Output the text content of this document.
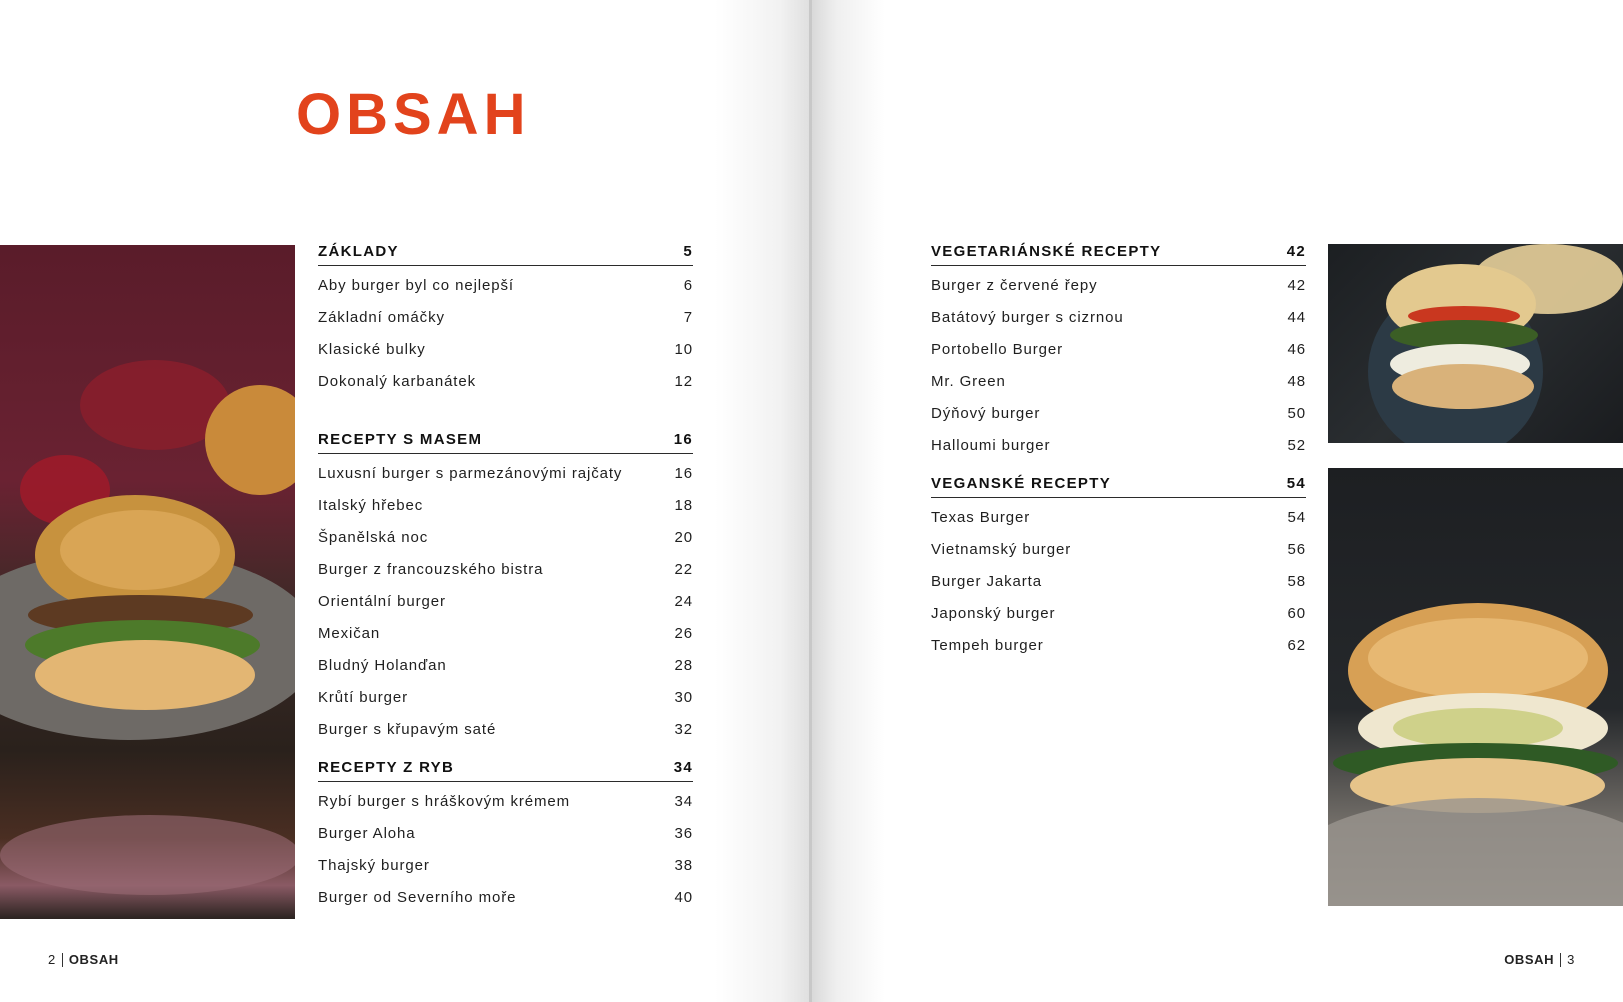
OBSAH
ZÁKLADY	5
Aby burger byl co nejlepší	6
Základní omáčky	7
Klasické bulky	10
Dokonalý karbanátek	12
RECEPTY S MASEM	16
Luxusní burger s parmezánovými rajčaty	16
Italský hřebec	18
Španělská noc	20
Burger z francouzského bistra	22
Orientální burger	24
Mexičan	26
Bludný Holanďan	28
Krůtí burger	30
Burger s křupavým saté	32
RECEPTY Z RYB	34
Rybí burger s hráškovým krémem	34
Burger Aloha	36
Thajský burger	38
Burger od Severního moře	40
VEGETARIÁNSKÉ RECEPTY	42
Burger z červené řepy	42
Batátový burger s cizrnou	44
Portobello Burger	46
Mr. Green	48
Dýňový burger	50
Halloumi burger	52
VEGANSKÉ RECEPTY	54
Texas Burger	54
Vietnamský burger	56
Burger Jakarta	58
Japonský burger	60
Tempeh burger	62
2 OBSAH	OBSAH 3
